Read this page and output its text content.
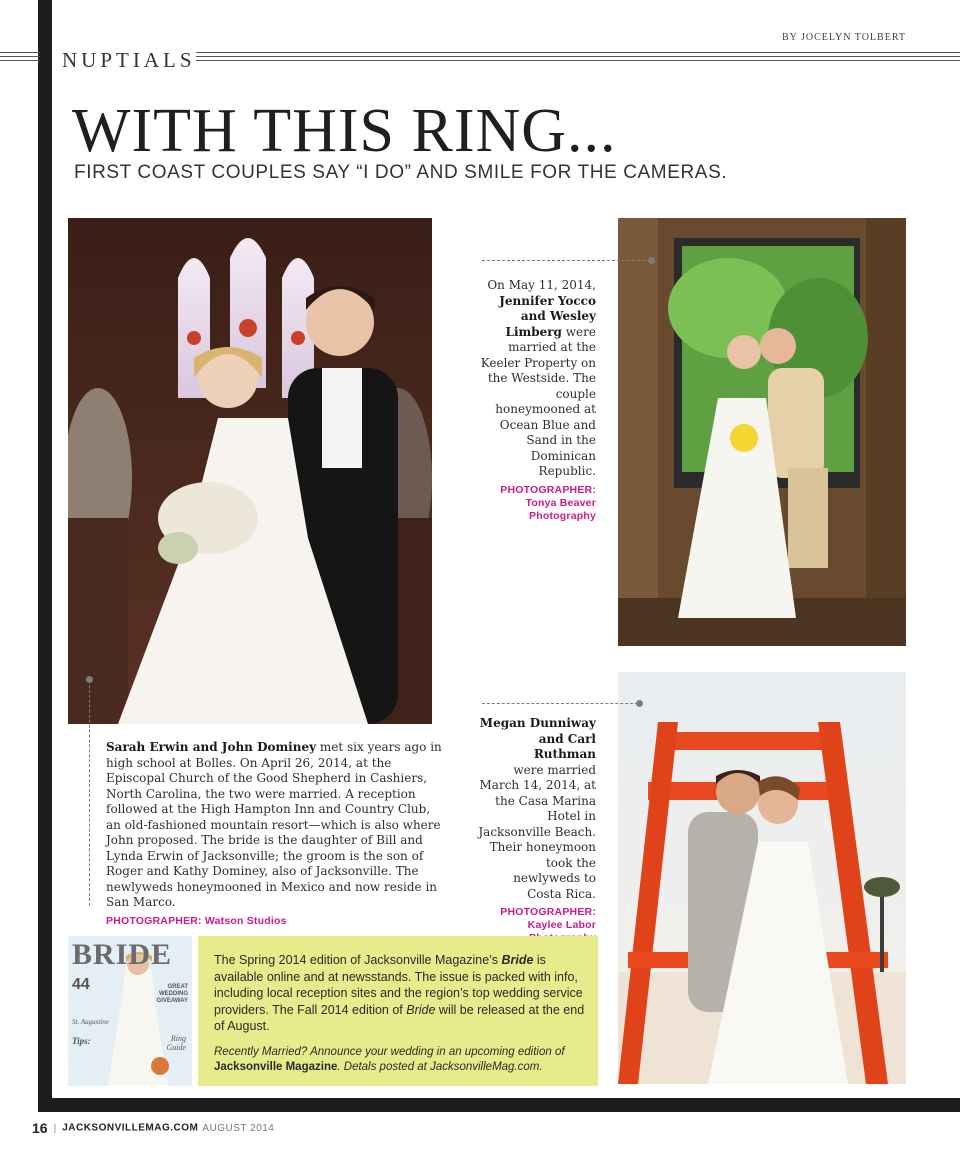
BY JOCELYN TOLBERT
NUPTIALS
WITH THIS RING...
FIRST COAST COUPLES SAY “I DO” AND SMILE FOR THE CAMERAS.
On May 11, 2014,
Jennifer Yocco and Wesley Limberg were married at the Keeler Property on the Westside. The couple honeymooned at Ocean Blue and Sand in the Dominican Republic.
PHOTOGRAPHER:
Tonya Beaver
Photography
Sarah Erwin and John Dominey met six years ago in high school at Bolles. On April 26, 2014, at the Episcopal Church of the Good Shepherd in Cashiers, North Carolina, the two were married. A reception followed at the High Hampton Inn and Country Club, an old-fashioned mountain resort—which is also where John proposed. The bride is the daughter of Bill and Lynda Erwin of Jacksonville; the groom is the son of Roger and Kathy Dominey, also of Jacksonville. The newlyweds honeymooned in Mexico and now reside in San Marco.
PHOTOGRAPHER: Watson Studios
Megan Dunniway and Carl Ruthman
were married March 14, 2014, at the Casa Marina Hotel in Jacksonville Beach. Their honeymoon took the newlyweds to Costa Rica.
PHOTOGRAPHER:
Kaylee Labor
BRIDE
44	GREAT
WEDDING
GIVEAWAY
St. Augustine
Tips:	Ring
Guide
The Spring 2014 edition of Jacksonville Magazine’s Bride is available online and at newsstands. The issue is packed with info, including local reception sites and the region’s top wedding service providers. The Fall 2014 edition of Bride will be released at the end of August.
Recently Married? Announce your wedding in an upcoming edition of Jacksonville Magazine. Detals posted at JacksonvilleMag.com.
16 | JACKSONVILLEMAG.COM AUGUST 2014
